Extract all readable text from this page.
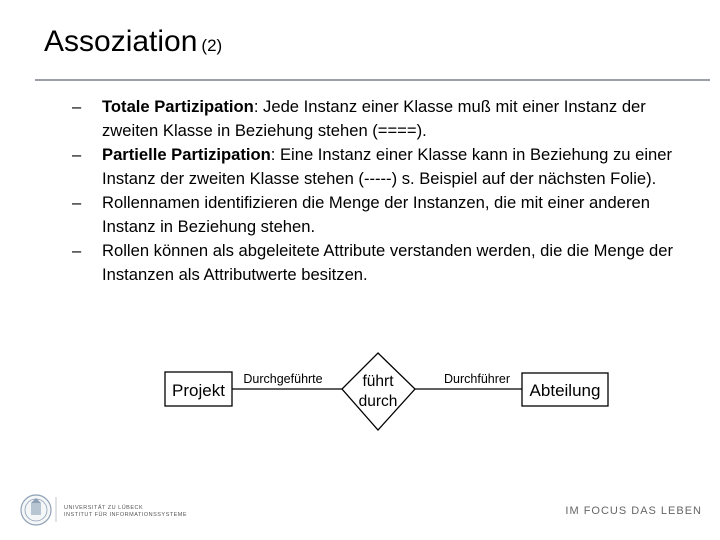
Assoziation (2)
– Totale Partizipation: Jede Instanz einer Klasse muß mit einer Instanz der zweiten Klasse in Beziehung stehen (====).
– Partielle Partizipation: Eine Instanz einer Klasse kann in Beziehung zu einer Instanz der zweiten Klasse stehen (-----) s. Beispiel auf der nächsten Folie).
– Rollennamen identifizieren die Menge der Instanzen, die mit einer anderen Instanz in Beziehung stehen.
– Rollen können als abgeleitete Attribute verstanden werden, die die Menge der Instanzen als Attributwerte besitzen.
Projekt	führt
durch
Abteilung
Durchgeführte	Durchführer
UNIVERSITÄT ZU LÜBECK
INSTITUT FÜR INFORMATIONSSYSTEME	IM FOCUS DAS LEBEN
